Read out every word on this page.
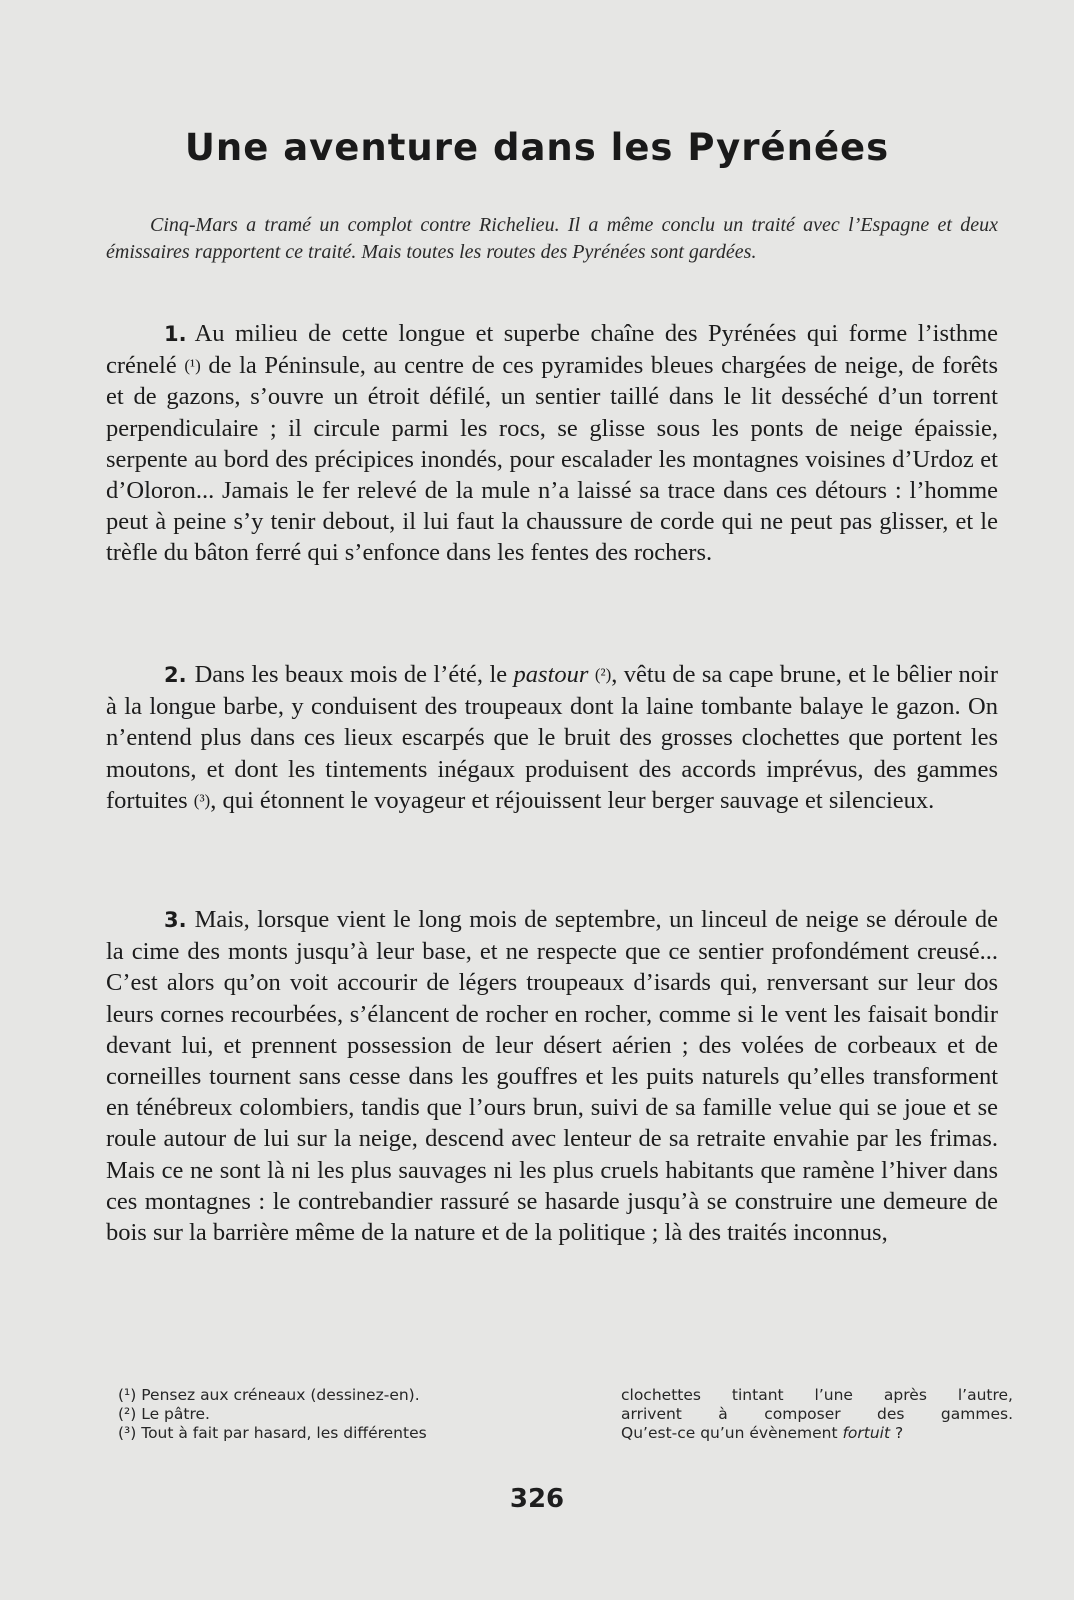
Une aventure dans les Pyrénées
Cinq-Mars a tramé un complot contre Richelieu. Il a même conclu un traité avec l’Espagne et deux émissaires rapportent ce traité. Mais toutes les routes des Pyrénées sont gardées.

1. Au milieu de cette longue et superbe chaîne des Pyrénées qui forme l’isthme crénelé (¹) de la Péninsule, au centre de ces pyramides bleues chargées de neige, de forêts et de gazons, s’ouvre un étroit défilé, un sentier taillé dans le lit desséché d’un torrent perpendiculaire ; il circule parmi les rocs, se glisse sous les ponts de neige épaissie, serpente au bord des précipices inondés, pour escalader les montagnes voisines d’Urdoz et d’Oloron... Jamais le fer relevé de la mule n’a laissé sa trace dans ces détours : l’homme peut à peine s’y tenir debout, il lui faut la chaussure de corde qui ne peut pas glisser, et le trèfle du bâton ferré qui s’enfonce dans les fentes des rochers.

2. Dans les beaux mois de l’été, le pastour (²), vêtu de sa cape brune, et le bêlier noir à la longue barbe, y conduisent des troupeaux dont la laine tombante balaye le gazon. On n’entend plus dans ces lieux escarpés que le bruit des grosses clochettes que portent les moutons, et dont les tintements inégaux produisent des accords imprévus, des gammes fortuites (³), qui étonnent le voyageur et réjouissent leur berger sauvage et silencieux.

3. Mais, lorsque vient le long mois de septembre, un linceul de neige se déroule de la cime des monts jusqu’à leur base, et ne respecte que ce sentier profondément creusé... C’est alors qu’on voit accourir de légers troupeaux d’isards qui, renversant sur leur dos leurs cornes recourbées, s’élancent de rocher en rocher, comme si le vent les faisait bondir devant lui, et prennent possession de leur désert aérien ; des volées de corbeaux et de corneilles tournent sans cesse dans les gouffres et les puits naturels qu’elles transforment en ténébreux colombiers, tandis que l’ours brun, suivi de sa famille velue qui se joue et se roule autour de lui sur la neige, descend avec lenteur de sa retraite envahie par les frimas. Mais ce ne sont là ni les plus sauvages ni les plus cruels habitants que ramène l’hiver dans ces montagnes : le contrebandier rassuré se hasarde jusqu’à se construire une demeure de bois sur la barrière même de la nature et de la politique ; là des traités inconnus,

(¹) Pensez aux créneaux (dessinez-en).
(²) Le pâtre.
(³) Tout à fait par hasard, les différentes
clochettes tintant l’une après l’autre,
arrivent à composer des gammes.
Qu’est-ce qu’un évènement fortuit ?
326
